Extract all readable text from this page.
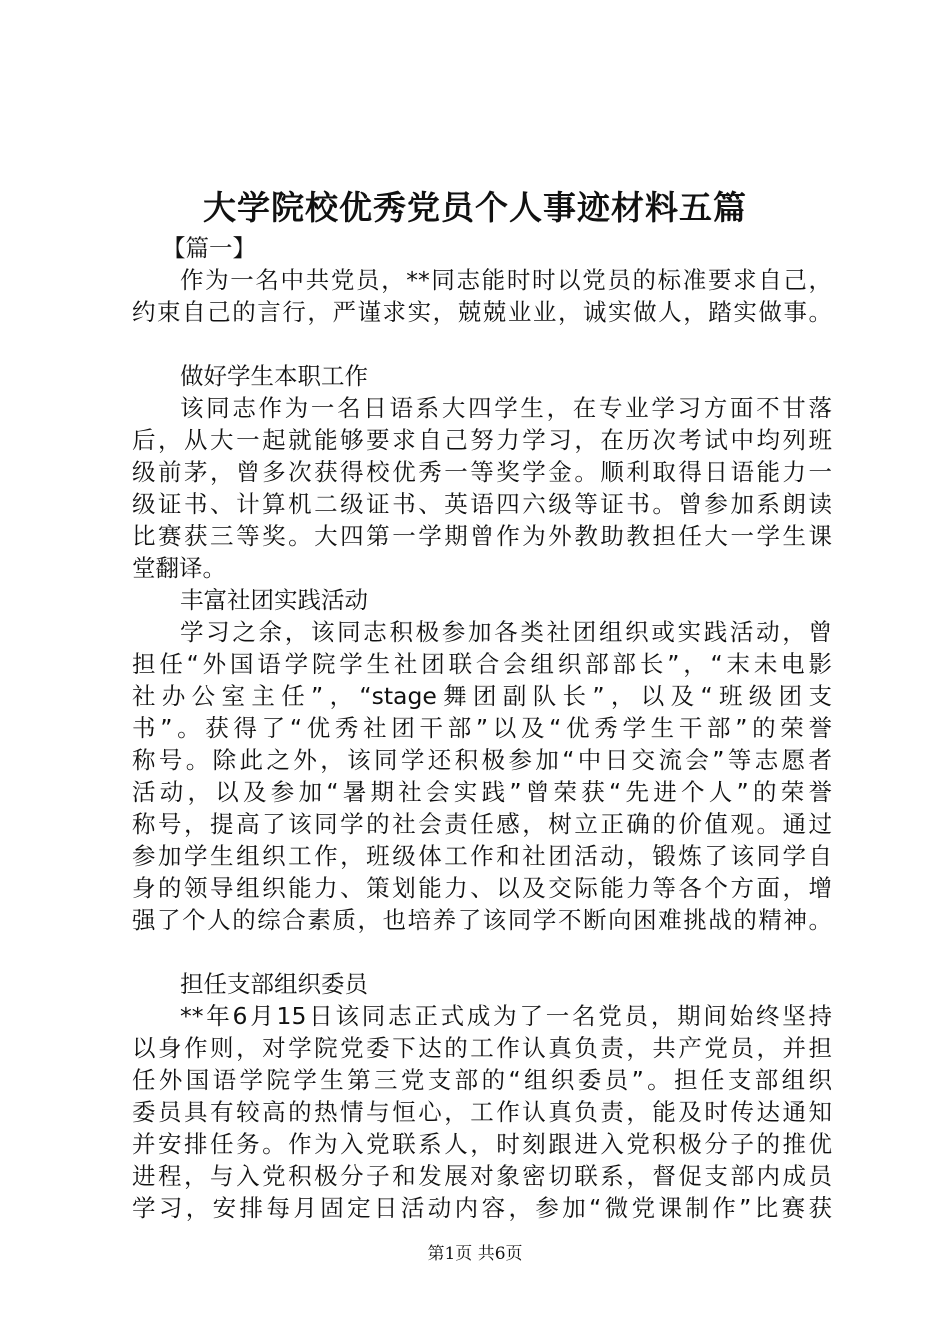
大学院校优秀党员个人事迹材料五篇
【篇一】
作为一名中共党员，**同志能时时以党员的标准要求自己，
约束自己的言行，严谨求实，兢兢业业，诚实做人，踏实做事。
做好学生本职工作
该同志作为一名日语系大四学生，在专业学习方面不甘落
后，从大一起就能够要求自己努力学习，在历次考试中均列班
级前茅，曾多次获得校优秀一等奖学金。顺利取得日语能力一
级证书、计算机二级证书、英语四六级等证书。曾参加系朗读
比赛获三等奖。大四第一学期曾作为外教助教担任大一学生课
堂翻译。
丰富社团实践活动
学习之余，该同志积极参加各类社团组织或实践活动，曾
担任“外国语学院学生社团联合会组织部部长”，“末未电影
社办公室主任”，“stage舞团副队长”，以及“班级团支
书”。获得了“优秀社团干部”以及“优秀学生干部”的荣誉
称号。除此之外，该同学还积极参加“中日交流会”等志愿者
活动，以及参加“暑期社会实践”曾荣获“先进个人”的荣誉
称号，提高了该同学的社会责任感，树立正确的价值观。通过
参加学生组织工作，班级体工作和社团活动，锻炼了该同学自
身的领导组织能力、策划能力、以及交际能力等各个方面，增
强了个人的综合素质，也培养了该同学不断向困难挑战的精神。
担任支部组织委员
**年6月15日该同志正式成为了一名党员，期间始终坚持
以身作则，对学院党委下达的工作认真负责，共产党员，并担
任外国语学院学生第三党支部的“组织委员”。担任支部组织
委员具有较高的热情与恒心，工作认真负责，能及时传达通知
并安排任务。作为入党联系人，时刻跟进入党积极分子的推优
进程，与入党积极分子和发展对象密切联系，督促支部内成员
学习，安排每月固定日活动内容，参加“微党课制作”比赛获
第1页 共6页
